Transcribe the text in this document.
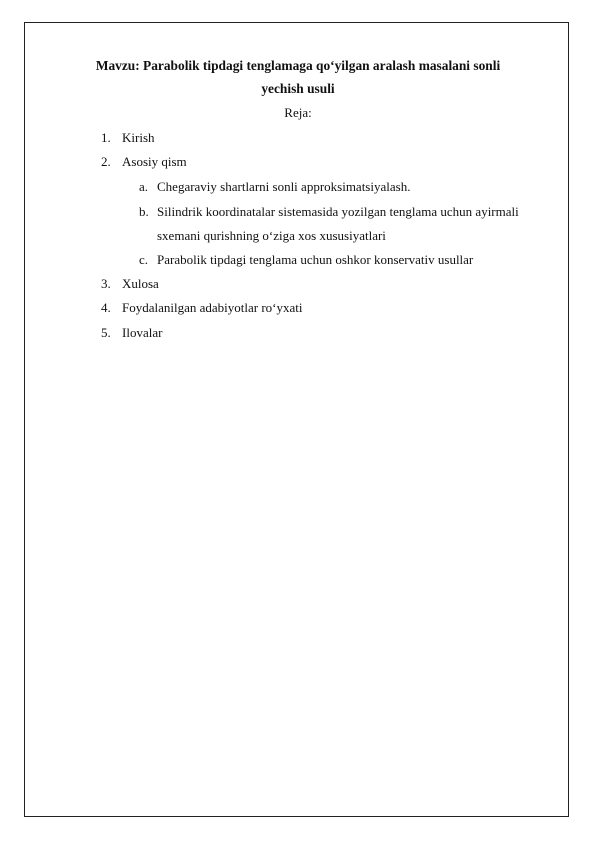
Mavzu: Parabolik tipdagi tenglamaga qo‘yilgan aralash masalani sonli
yechish usuli
Reja:
1. Kirish
2. Asosiy qism
a. Chegaraviy shartlarni sonli approksimatsiyalash.
b. Silindrik koordinatalar sistemasida yozilgan tenglama uchun ayirmali
sxemani qurishning o‘ziga xos xususiyatlari
c. Parabolik tipdagi tenglama uchun oshkor konservativ usullar
3. Xulosa
4. Foydalanilgan adabiyotlar ro‘yxati
5. Ilovalar
